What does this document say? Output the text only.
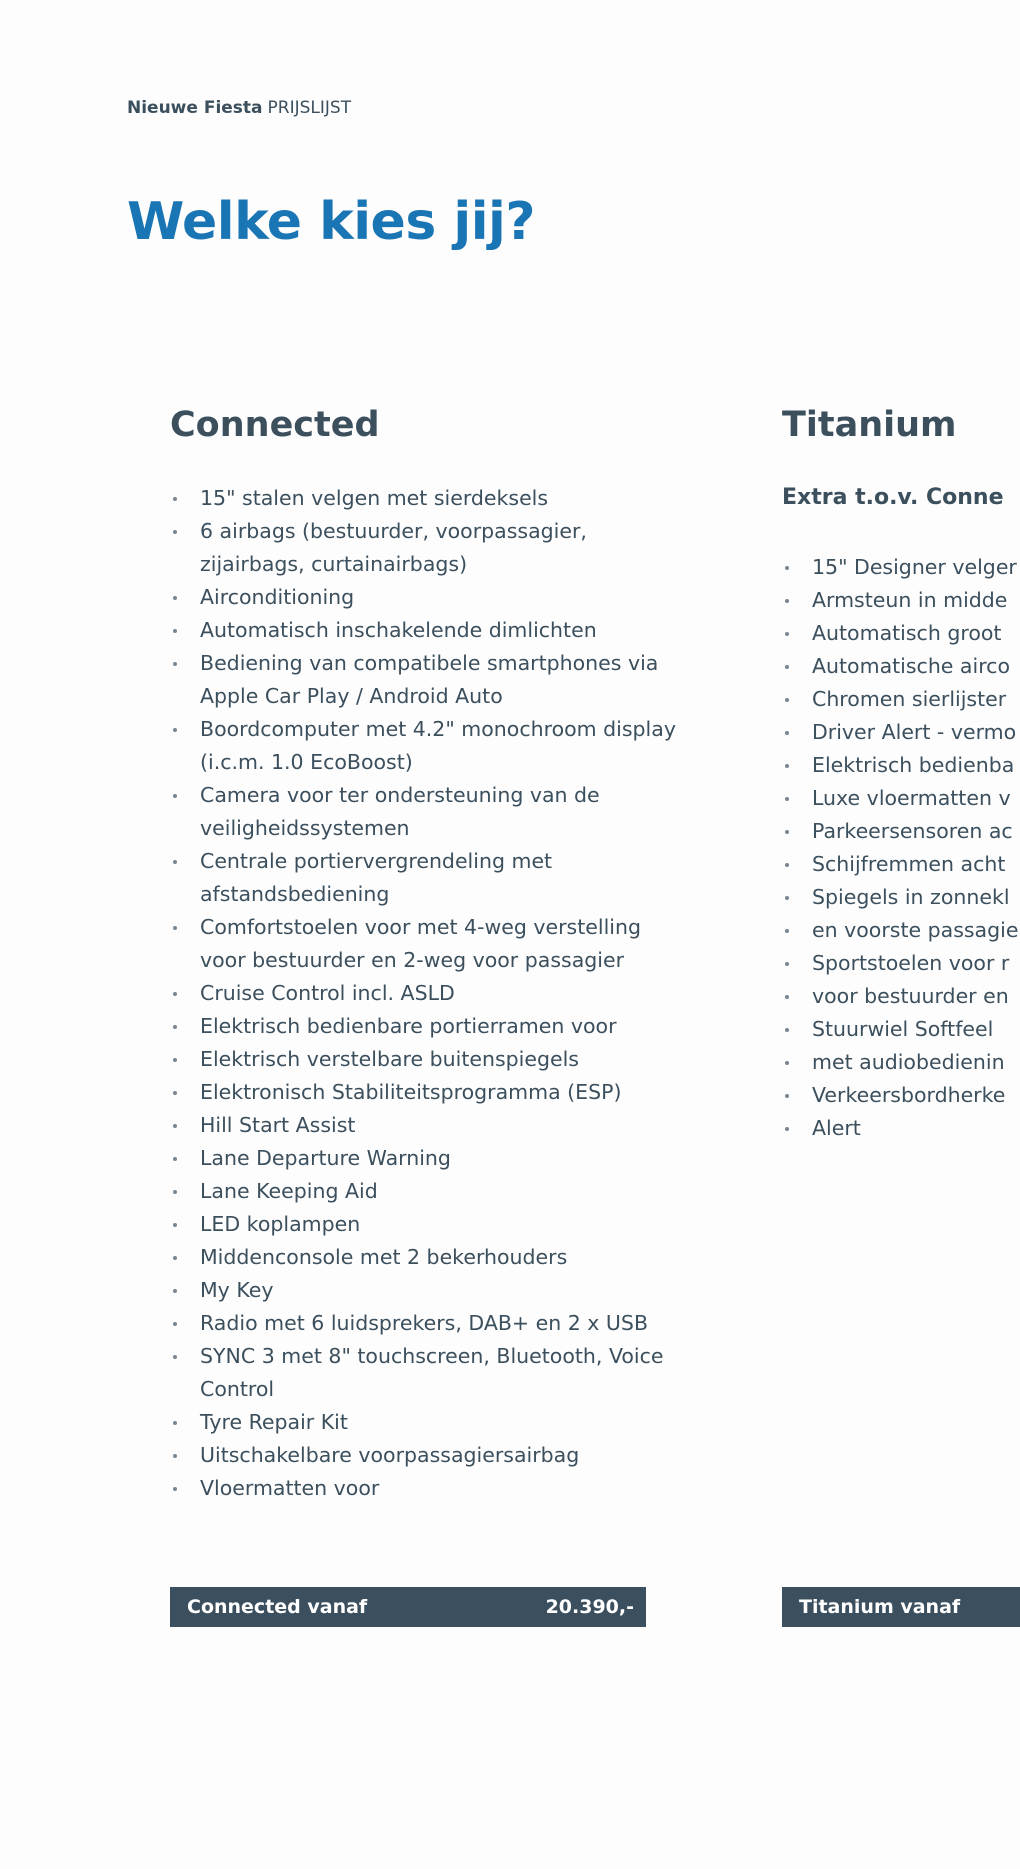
Nieuwe Fiesta PRIJSLIJST
Welke kies jij?
Connected
15" stalen velgen met sierdeksels
6 airbags (bestuurder, voorpassagier, zijairbags, curtainairbags)
Airconditioning
Automatisch inschakelende dimlichten
Bediening van compatibele smartphones via Apple Car Play / Android Auto
Boordcomputer met 4.2" monochroom display (i.c.m. 1.0 EcoBoost)
Camera voor ter ondersteuning van de veiligheidssystemen
Centrale portiervergrendeling met afstandsbediening
Comfortstoelen voor met 4-weg verstelling voor bestuurder en 2-weg voor passagier
Cruise Control incl. ASLD
Elektrisch bedienbare portierramen voor
Elektrisch verstelbare buitenspiegels
Elektronisch Stabiliteitsprogramma (ESP)
Hill Start Assist
Lane Departure Warning
Lane Keeping Aid
LED koplampen
Middenconsole met 2 bekerhouders
My Key
Radio met 6 luidsprekers, DAB+ en 2 x USB
SYNC 3 met 8" touchscreen, Bluetooth, Voice Control
Tyre Repair Kit
Uitschakelbare voorpassagiersairbag
Vloermatten voor
Connected vanaf	20.390,-
Titanium
Extra t.o.v. Conne
15" Designer velger
Armsteun in midde
Automatisch groot
Automatische airco
Chromen sierlijster
Driver Alert - vermo
Elektrisch bedienba
Luxe vloermatten v
Parkeersensoren ac
Schijfremmen acht
Spiegels in zonnekl
en voorste passagie
Sportstoelen voor r
voor bestuurder en
Stuurwiel Softfeel
met audiobedienin
Verkeersbordherke
Alert
Titanium vanaf
